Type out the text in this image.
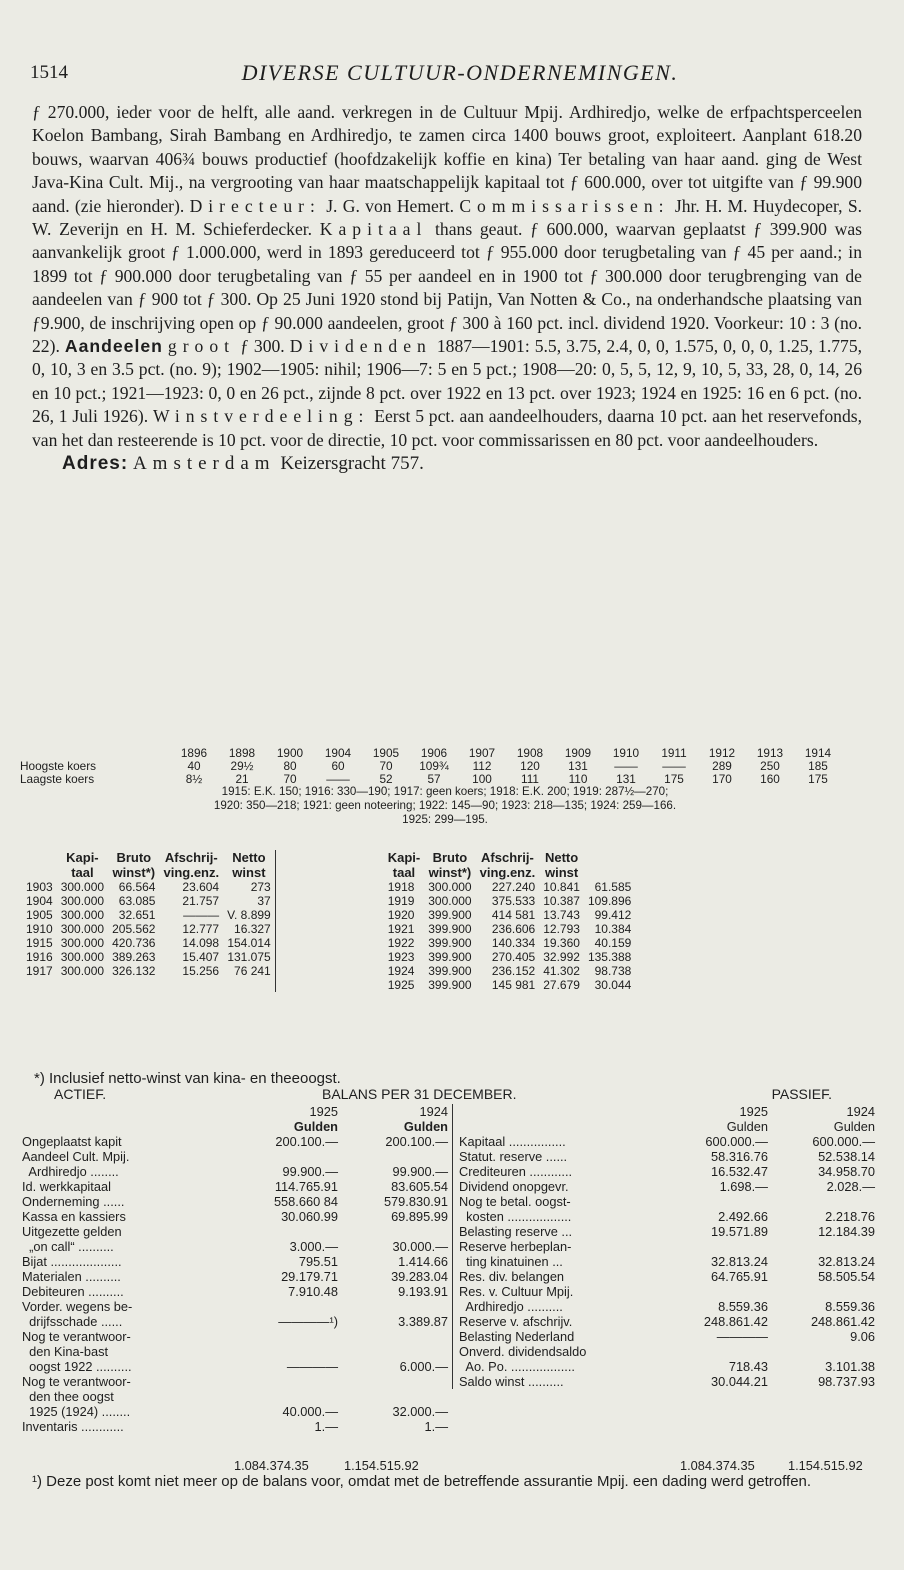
1514	DIVERSE CULTUUR-ONDERNEMINGEN.
ƒ 270.000, ieder voor de helft, alle aand. verkregen in de Cultuur Mpij. Ardhiredjo, welke de erfpachtsperceelen Koelon Bambang, Sirah Bambang en Ardhiredjo, te zamen circa 1400 bouws groot, exploiteert. Aanplant 618.20 bouws, waarvan 406¾ bouws productief (hoofdzakelijk koffie en kina) Ter betaling van haar aand. ging de West Java-Kina Cult. Mij., na vergrooting van haar maatschappelijk kapitaal tot ƒ 600.000, over tot uitgifte van ƒ 99.900 aand. (zie hieronder). Directeur: J. G. von Hemert. Commissarissen: Jhr. H. M. Huydecoper, S. W. Zeverijn en H. M. Schieferdecker. Kapitaal thans geaut. ƒ 600.000, waarvan geplaatst ƒ 399.900 was aanvankelijk groot ƒ 1.000.000, werd in 1893 gereduceerd tot ƒ 955.000 door terugbetaling van ƒ 45 per aand.; in 1899 tot ƒ 900.000 door terugbetaling van ƒ 55 per aandeel en in 1900 tot ƒ 300.000 door terugbrenging van de aandeelen van ƒ 900 tot ƒ 300. Op 25 Juni 1920 stond bij Patijn, Van Notten & Co., na onderhandsche plaatsing van ƒ9.900, de inschrijving open op ƒ 90.000 aandeelen, groot ƒ 300 à 160 pct. incl. dividend 1920. Voorkeur: 10 : 3 (no. 22). Aandeelen groot ƒ 300. Dividenden 1887—1901: 5.5, 3.75, 2.4, 0, 0, 1.575, 0, 0, 0, 1.25, 1.775, 0, 10, 3 en 3.5 pct. (no. 9); 1902—1905: nihil; 1906—7: 5 en 5 pct.; 1908—20: 0, 5, 5, 12, 9, 10, 5, 33, 28, 0, 14, 26 en 10 pct.; 1921—1923: 0, 0 en 26 pct., zijnde 8 pct. over 1922 en 13 pct. over 1923; 1924 en 1925: 16 en 6 pct. (no. 26, 1 Juli 1926). Winstverdeeling: Eerst 5 pct. aan aandeelhouders, daarna 10 pct. aan het reservefonds, van het dan resteerende is 10 pct. voor de directie, 10 pct. voor commissarissen en 80 pct. voor aandeelhouders.
Adres: Amsterdam Keizersgracht 757.
1896	1898	1900	1904	1905	1906	1907	1908	1909	1910	1911	1912	1913	1914
Hoogste koers	40	29½	80	60	70	109¾	112	120	131	——	——	289	250	185
Laagste koers	8½	21	70	——	52	57	100	111	110	131	175	170	160	175
1915: E.K. 150; 1916: 330—190; 1917: geen koers; 1918: E.K. 200; 1919: 287½—270;
1920: 350—218; 1921: geen noteering; 1922: 145—90; 1923: 218—135; 1924: 259—166.
1925: 299—195.
	Kapi-	Bruto	Afschrij-	Netto		Kapi-	Bruto	Afschrij-	Netto	
	taal	winst*)	ving.enz.	winst		taal	winst*)	ving.enz.	winst	
1903	300.000	66.564	23.604	273		1918	300.000	227.240	10.841	61.585
1904	300.000	63.085	21.757	37		1919	300.000	375.533	10.387	109.896
1905	300.000	32.651	———	V. 8.899		1920	399.900	414 581	13.743	99.412
1910	300.000	205.562	12.777	16.327		1921	399.900	236.606	12.793	10.384
1915	300.000	420.736	14.098	154.014		1922	399.900	140.334	19.360	40.159
1916	300.000	389.263	15.407	131.075		1923	399.900	270.405	32.992	135.388
1917	300.000	326.132	15.256	76 241		1924	399.900	236.152	41.302	98.738
						1925	399.900	145 981	27.679	30.044
*) Inclusief netto-winst van kina- en theeoogst.
ACTIEF.	BALANS PER 31 DECEMBER.	PASSIEF.
	1925	1924
	Gulden	Gulden
Ongeplaatst kapit	200.100.—	200.100.—
Aandeel Cult. Mpij.		
Ardhiredjo ........	99.900.—	99.900.—
Id. werkkapitaal	114.765.91	83.605.54
Onderneming ......	558.660 84	579.830.91
Kassa en kassiers	30.060.99	69.895.99
Uitgezette gelden		
„on call“ ..........	3.000.—	30.000.—
Bijat ....................	795.51	1.414.66
Materialen ..........	29.179.71	39.283.04
Debiteuren ..........	7.910.48	9.193.91
Vorder. wegens be-		
drijfsschade ......	————¹)	3.389.87
Nog te verantwoor-		
den Kina-bast		
oogst 1922 ..........	————	6.000.—
Nog te verantwoor-		
den thee oogst		
1925 (1924) ........	40.000.—	32.000.—
Inventaris ............	1.—	1.—
	1925	1924
	Gulden	Gulden
Kapitaal ................	600.000.—	600.000.—
Statut. reserve ......	58.316.76	52.538.14
Crediteuren ............	16.532.47	34.958.70
Dividend onopgevr.	1.698.—	2.028.—
Nog te betal. oogst-		
kosten ..................	2.492.66	2.218.76
Belasting reserve ...	19.571.89	12.184.39
Reserve herbeplan-		
ting kinatuinen ...	32.813.24	32.813.24
Res. div. belangen	64.765.91	58.505.54
Res. v. Cultuur Mpij.		
Ardhiredjo ..........	8.559.36	8.559.36
Reserve v. afschrijv.	248.861.42	248.861.42
Belasting Nederland	————	9.06
Onverd. dividendsaldo		
Ao. Po. ..................	718.43	3.101.38
Saldo winst ..........	30.044.21	98.737.93
1.084.374.35	1.154.515.92	1.084.374.35	1.154.515.92
¹) Deze post komt niet meer op de balans voor, omdat met de betreffende assurantie Mpij. een dading werd getroffen.
